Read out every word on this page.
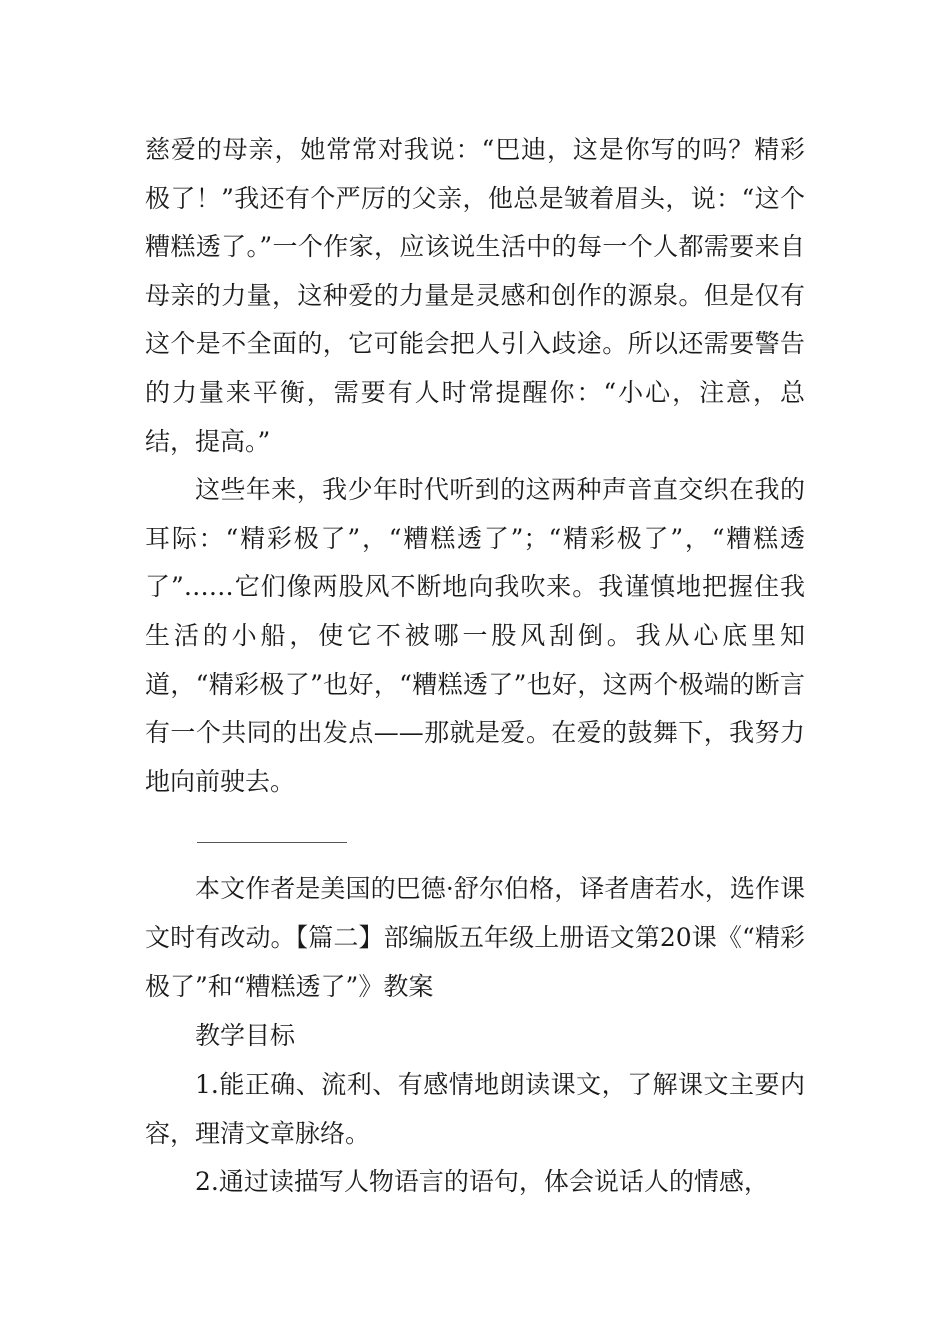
慈爱的母亲，她常常对我说：“巴迪，这是你写的吗？精彩极了！”我还有个严厉的父亲，他总是皱着眉头，说：“这个糟糕透了。”一个作家，应该说生活中的每一个人都需要来自母亲的力量，这种爱的力量是灵感和创作的源泉。但是仅有这个是不全面的，它可能会把人引入歧途。所以还需要警告的力量来平衡，需要有人时常提醒你：“小心，注意，总结，提高。”

这些年来，我少年时代听到的这两种声音直交织在我的耳际：“精彩极了”，“糟糕透了”；“精彩极了”，“糟糕透了”……它们像两股风不断地向我吹来。我谨慎地把握住我生活的小船，使它不被哪一股风刮倒。我从心底里知道，“精彩极了”也好，“糟糕透了”也好，这两个极端的断言有一个共同的出发点——那就是爱。在爱的鼓舞下，我努力地向前驶去。

本文作者是美国的巴德·舒尔伯格，译者唐若水，选作课文时有改动。【篇二】部编版五年级上册语文第20课《“精彩极了”和“糟糕透了”》教案

教学目标

1.能正确、流利、有感情地朗读课文，了解课文主要内容，理清文章脉络。

2.通过读描写人物语言的语句，体会说话人的情感，
